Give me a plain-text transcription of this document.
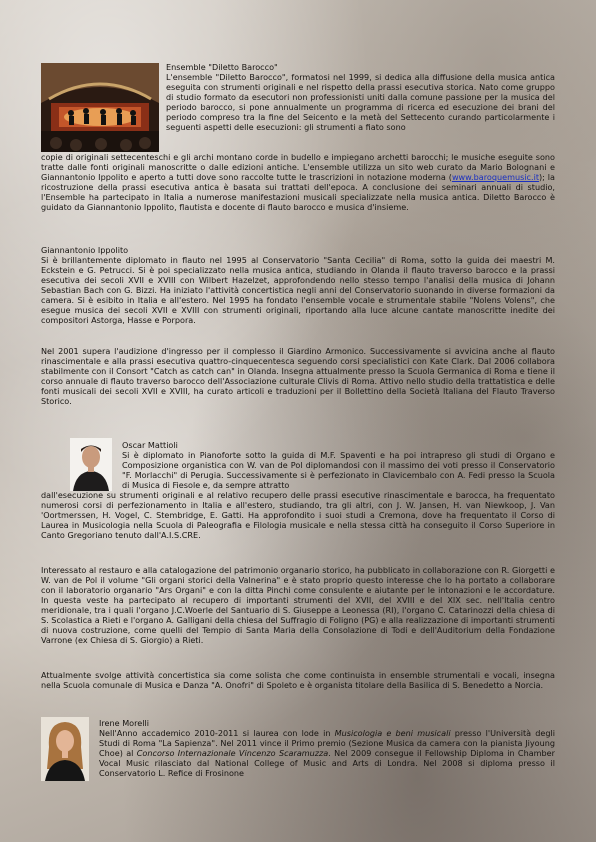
Ensemble "Diletto Barocco"

L'ensemble "Diletto Barocco", formatosi nel 1999, si dedica alla diffusione della musica antica eseguita con strumenti originali e nel rispetto della prassi esecutiva storica. Nato come gruppo di studio formato da esecutori non professionisti uniti dalla comune passione per la musica del periodo barocco, si pone annualmente un programma di ricerca ed esecuzione dei brani del periodo compreso tra la fine del Seicento e la metà del Settecento curando particolarmente i seguenti aspetti delle esecuzioni: gli strumenti a fiato sono

copie di originali settecenteschi e gli archi montano corde in budello e impiegano archetti barocchi; le musiche eseguite sono tratte dalle fonti originali manoscritte o dalle edizioni antiche. L'ensemble utilizza un sito web curato da Mario Bolognani e Giannantonio Ippolito e aperto a tutti dove sono raccolte tutte le trascrizioni in notazione moderna (www.baroquemusic.it); la ricostruzione della prassi esecutiva antica è basata sui trattati dell'epoca. A conclusione dei seminari annuali di studio, l'Ensemble ha partecipato in Italia a numerose manifestazioni musicali specializzate nella musica antica. Diletto Barocco è guidato da Giannantonio Ippolito, flautista e docente di flauto barocco e musica d'insieme.

Giannantonio Ippolito

Si è brillantemente diplomato in flauto nel 1995 al Conservatorio "Santa Cecilia" di Roma, sotto la guida dei maestri M. Eckstein e G. Petrucci. Si è poi specializzato nella musica antica, studiando in Olanda il flauto traverso barocco e la prassi esecutiva dei secoli XVII e XVIII con Wilbert Hazelzet, approfondendo nello stesso tempo l'analisi della musica di Johann Sebastian Bach con G. Bizzi. Ha iniziato l'attività concertistica negli anni del Conservatorio suonando in diverse formazioni da camera. Si è esibito in Italia e all'estero. Nel 1995 ha fondato l'ensemble vocale e strumentale stabile "Nolens Volens", che esegue musica dei secoli XVII e XVIII con strumenti originali, riportando alla luce alcune cantate manoscritte inedite dei compositori Astorga, Hasse e Porpora.

Nel 2001 supera l'audizione d'ingresso per il complesso il Giardino Armonico. Successivamente si avvicina anche al flauto rinascimentale e alla prassi esecutiva quattro-cinquecentesca seguendo corsi specialistici con Kate Clark. Dal 2006 collabora stabilmente con il Consort "Catch as catch can" in Olanda. Insegna attualmente presso la Scuola Germanica di Roma e tiene il corso annuale di flauto traverso barocco dell'Associazione culturale Clivis di Roma. Attivo nello studio della trattatistica e delle fonti musicali dei secoli XVII e XVIII, ha curato articoli e traduzioni per il Bollettino della Società Italiana del Flauto Traverso Storico.

Oscar Mattioli

Si è diplomato in Pianoforte sotto la guida di M.F. Spaventi e ha poi intrapreso gli studi di Organo e Composizione organistica con W. van de Pol diplomandosi con il massimo dei voti presso il Conservatorio "F. Morlacchi" di Perugia. Successivamente si è perfezionato in Clavicembalo con A. Fedi presso la Scuola di Musica di Fiesole e, da sempre attratto

dall'esecuzione su strumenti originali e al relativo recupero delle prassi esecutive rinascimentale e barocca, ha frequentato numerosi corsi di perfezionamento in Italia e all'estero, studiando, tra gli altri, con J. W. Jansen, H. van Niewkoop, J. Van 'Oortmerssen, H. Vogel, C. Stembridge, E. Gatti. Ha approfondito i suoi studi a Cremona, dove ha frequentato il Corso di Laurea in Musicologia nella Scuola di Paleografia e Filologia musicale e nella stessa città ha conseguito il Corso Superiore in Canto Gregoriano tenuto dall'A.I.S.CRE.

Interessato al restauro e alla catalogazione del patrimonio organario storico, ha pubblicato in collaborazione con R. Giorgetti e W. van de Pol il volume "Gli organi storici della Valnerina" e è stato proprio questo interesse che lo ha portato a collaborare con il laboratorio organario "Ars Organi" e con la ditta Pinchi come consulente e aiutante per le intonazioni e le accordature. In questa veste ha partecipato al recupero di importanti strumenti del XVII, del XVIII e del XIX sec. nell'Italia centro meridionale, tra i quali l'organo J.C.Woerle del Santuario di S. Giuseppe a Leonessa (RI), l'organo C. Catarinozzi della chiesa di S. Scolastica a Rieti e l'organo A. Galligani della chiesa del Suffragio di Foligno (PG) e alla realizzazione di importanti strumenti di nuova costruzione, come quelli del Tempio di Santa Maria della Consolazione di Todi e dell'Auditorium della Fondazione Varrone (ex Chiesa di S. Giorgio) a Rieti.

Attualmente svolge attività concertistica sia come solista che come continuista in ensemble strumentali e vocali, insegna nella Scuola comunale di Musica e Danza "A. Onofri" di Spoleto e è organista titolare della Basilica di S. Benedetto a Norcia.

Irene Morelli

Nell'Anno accademico 2010-2011 si laurea con lode in Musicologia e beni musicali presso l'Università degli Studi di Roma "La Sapienza". Nel 2011 vince il Primo premio (Sezione Musica da camera con la pianista Jiyoung Choe) al Concorso Internazionale Vincenzo Scaramuzza. Nel 2009 consegue il Fellowship Diploma in Chamber Vocal Music rilasciato dal National College of Music and Arts di Londra. Nel 2008 si diploma presso il Conservatorio L. Refice di Frosinone
